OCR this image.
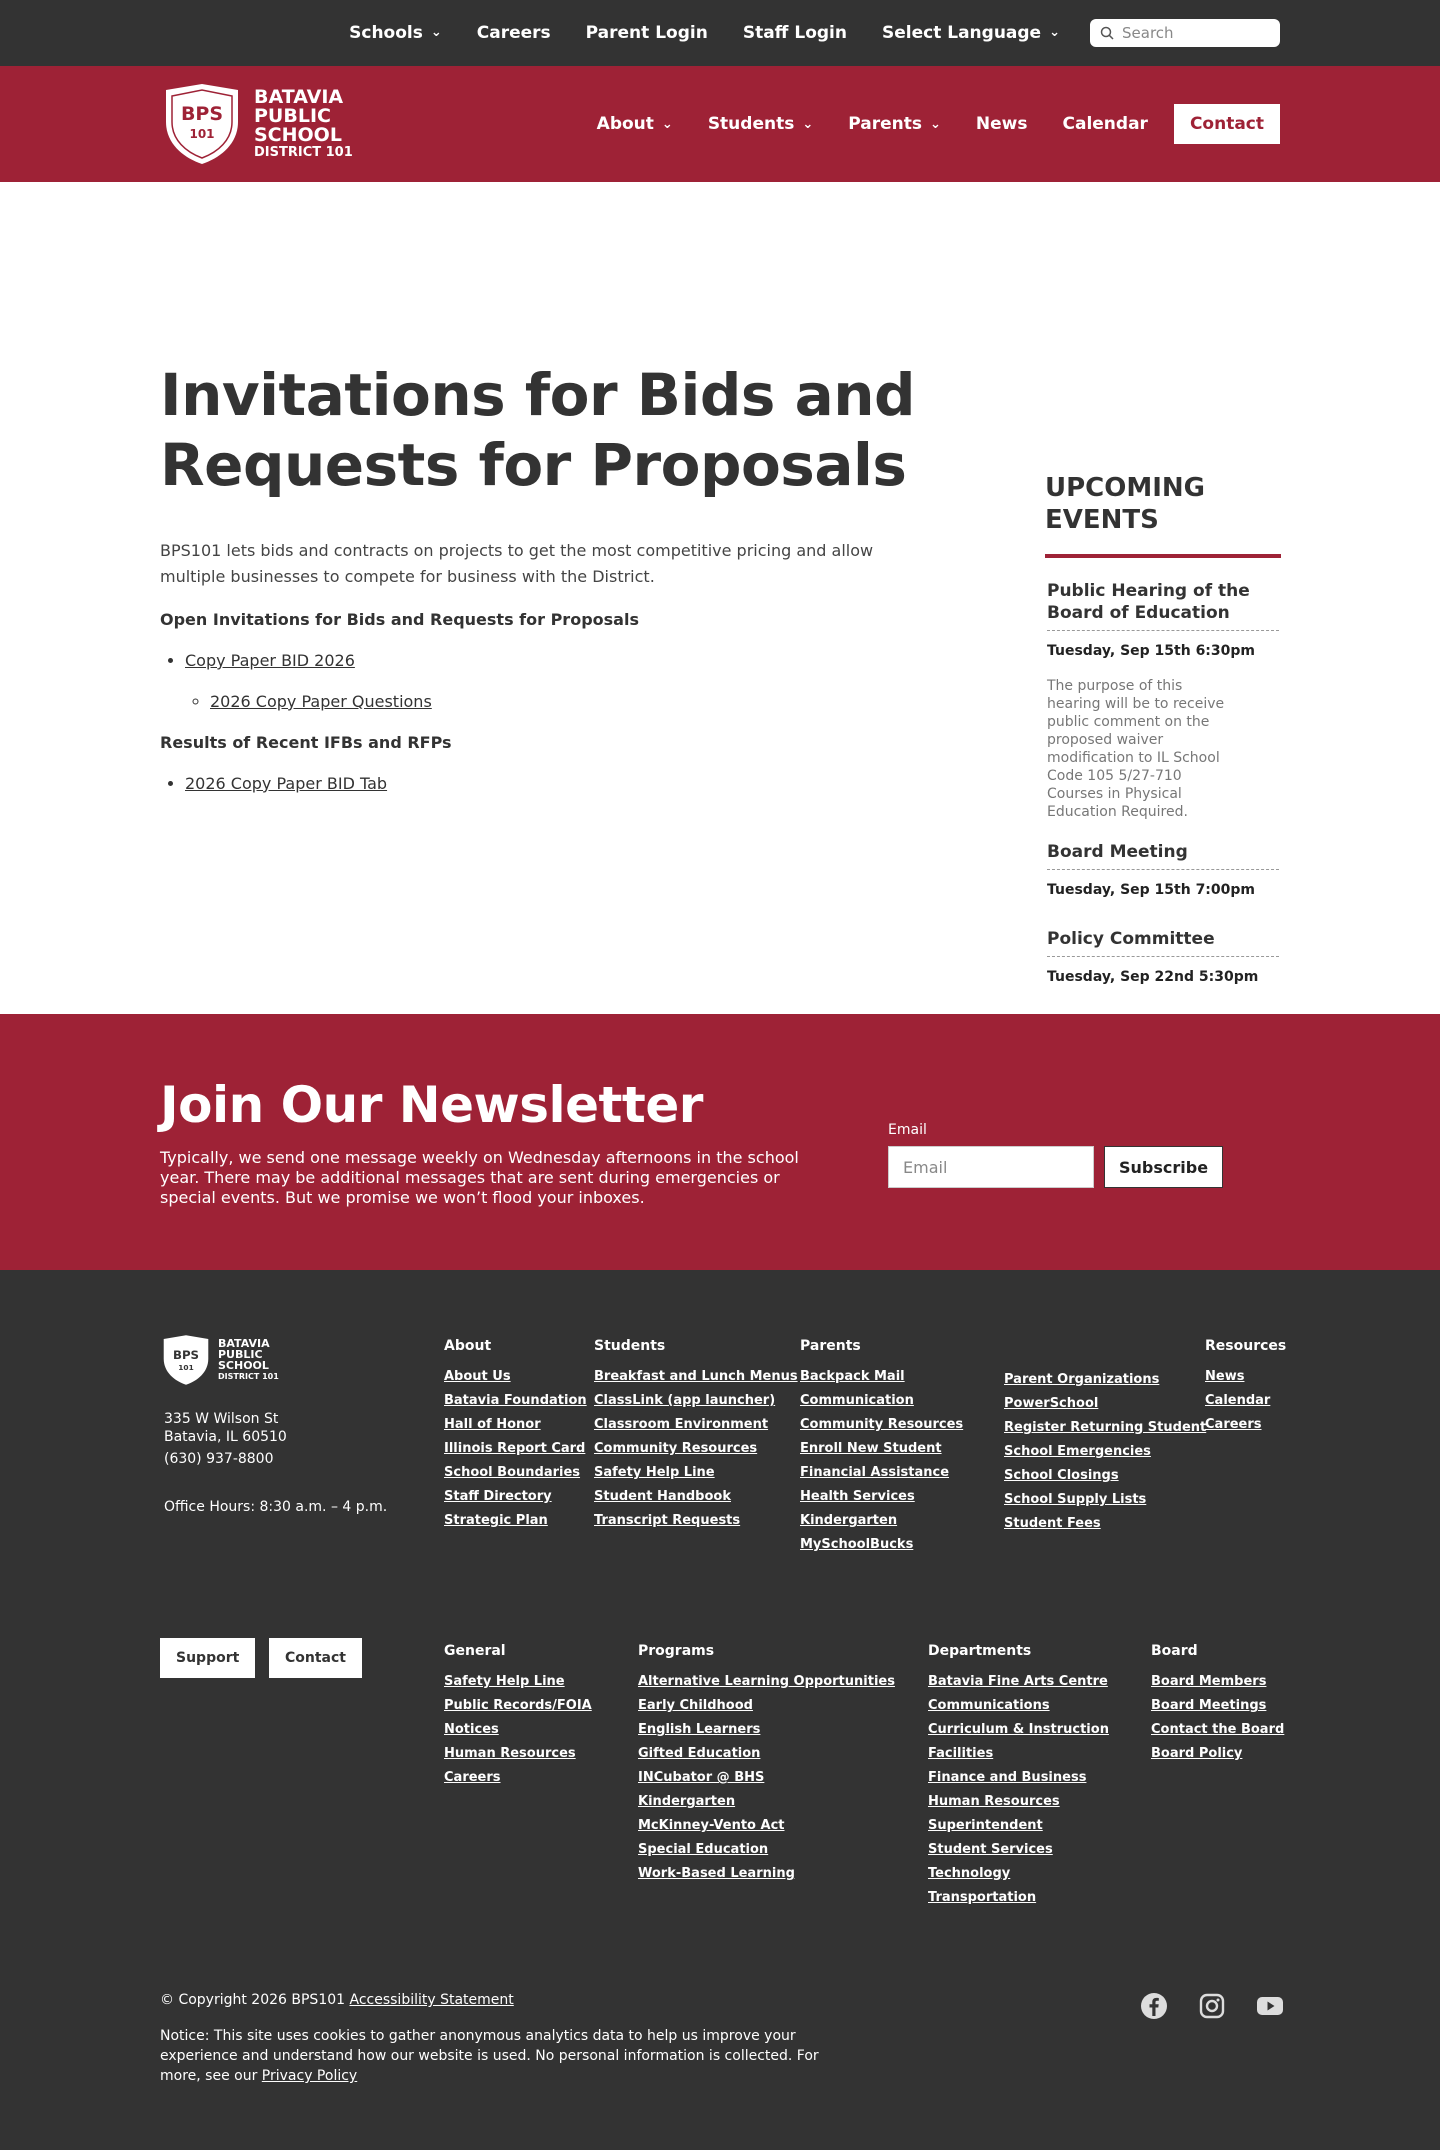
Schools ⌄ Careers Parent Login Staff Login Select Language ⌄
Search
BPS
101
BATAVIA
PUBLIC
SCHOOL
DISTRICT 101
About ⌄ Students ⌄ Parents ⌄ News Calendar	Contact
Invitations for Bids and Requests for Proposals

BPS101 lets bids and contracts on projects to get the most competitive pricing and allow multiple businesses to compete for business with the District.

Open Invitations for Bids and Requests for Proposals

• Copy Paper BID 2026
◦ 2026 Copy Paper Questions

Results of Recent IFBs and RFPs

• 2026 Copy Paper BID Tab
UPCOMING EVENTS
Public Hearing of the Board of Education
Tuesday, Sep 15th 6:30pm
The purpose of this hearing will be to receive public comment on the proposed waiver modification to IL School Code 105 5/27-710 Courses in Physical Education Required.
Board Meeting
Tuesday, Sep 15th 7:00pm
Policy Committee
Tuesday, Sep 22nd 5:30pm
Join Our Newsletter
Typically, we send one message weekly on Wednesday afternoons in the school year. There may be additional messages that are sent during emergencies or special events. But we promise we won’t flood your inboxes.
Email
Email
Subscribe
BPS
101
BATAVIA
PUBLIC
SCHOOL
DISTRICT 101
335 W Wilson St
Batavia, IL 60510
(630) 937-8800
Office Hours: 8:30 a.m. – 4 p.m.
About
About Us
Batavia Foundation
Hall of Honor
Illinois Report Card
School Boundaries
Staff Directory
Strategic Plan
Students
Breakfast and Lunch Menus
ClassLink (app launcher)
Classroom Environment
Community Resources
Safety Help Line
Student Handbook
Transcript Requests
Parents
Backpack Mail
Communication
Community Resources
Enroll New Student
Financial Assistance
Health Services
Kindergarten
MySchoolBucks
Parent Organizations
PowerSchool
Register Returning Student
School Emergencies
School Closings
School Supply Lists
Student Fees
Resources
News
Calendar
Careers
Support	Contact	General
Safety Help Line
Public Records/FOIA
Notices
Human Resources
Careers
Programs
Alternative Learning Opportunities
Early Childhood
English Learners
Gifted Education
INCubator @ BHS
Kindergarten
McKinney-Vento Act
Special Education
Work-Based Learning
Departments
Batavia Fine Arts Centre
Communications
Curriculum & Instruction
Facilities
Finance and Business
Human Resources
Superintendent
Student Services
Technology
Transportation
Board
Board Members
Board Meetings
Contact the Board
Board Policy
© Copyright 2026 BPS101 Accessibility Statement
Notice: This site uses cookies to gather anonymous analytics data to help us improve your experience and understand how our website is used. No personal information is collected. For more, see our Privacy Policy
